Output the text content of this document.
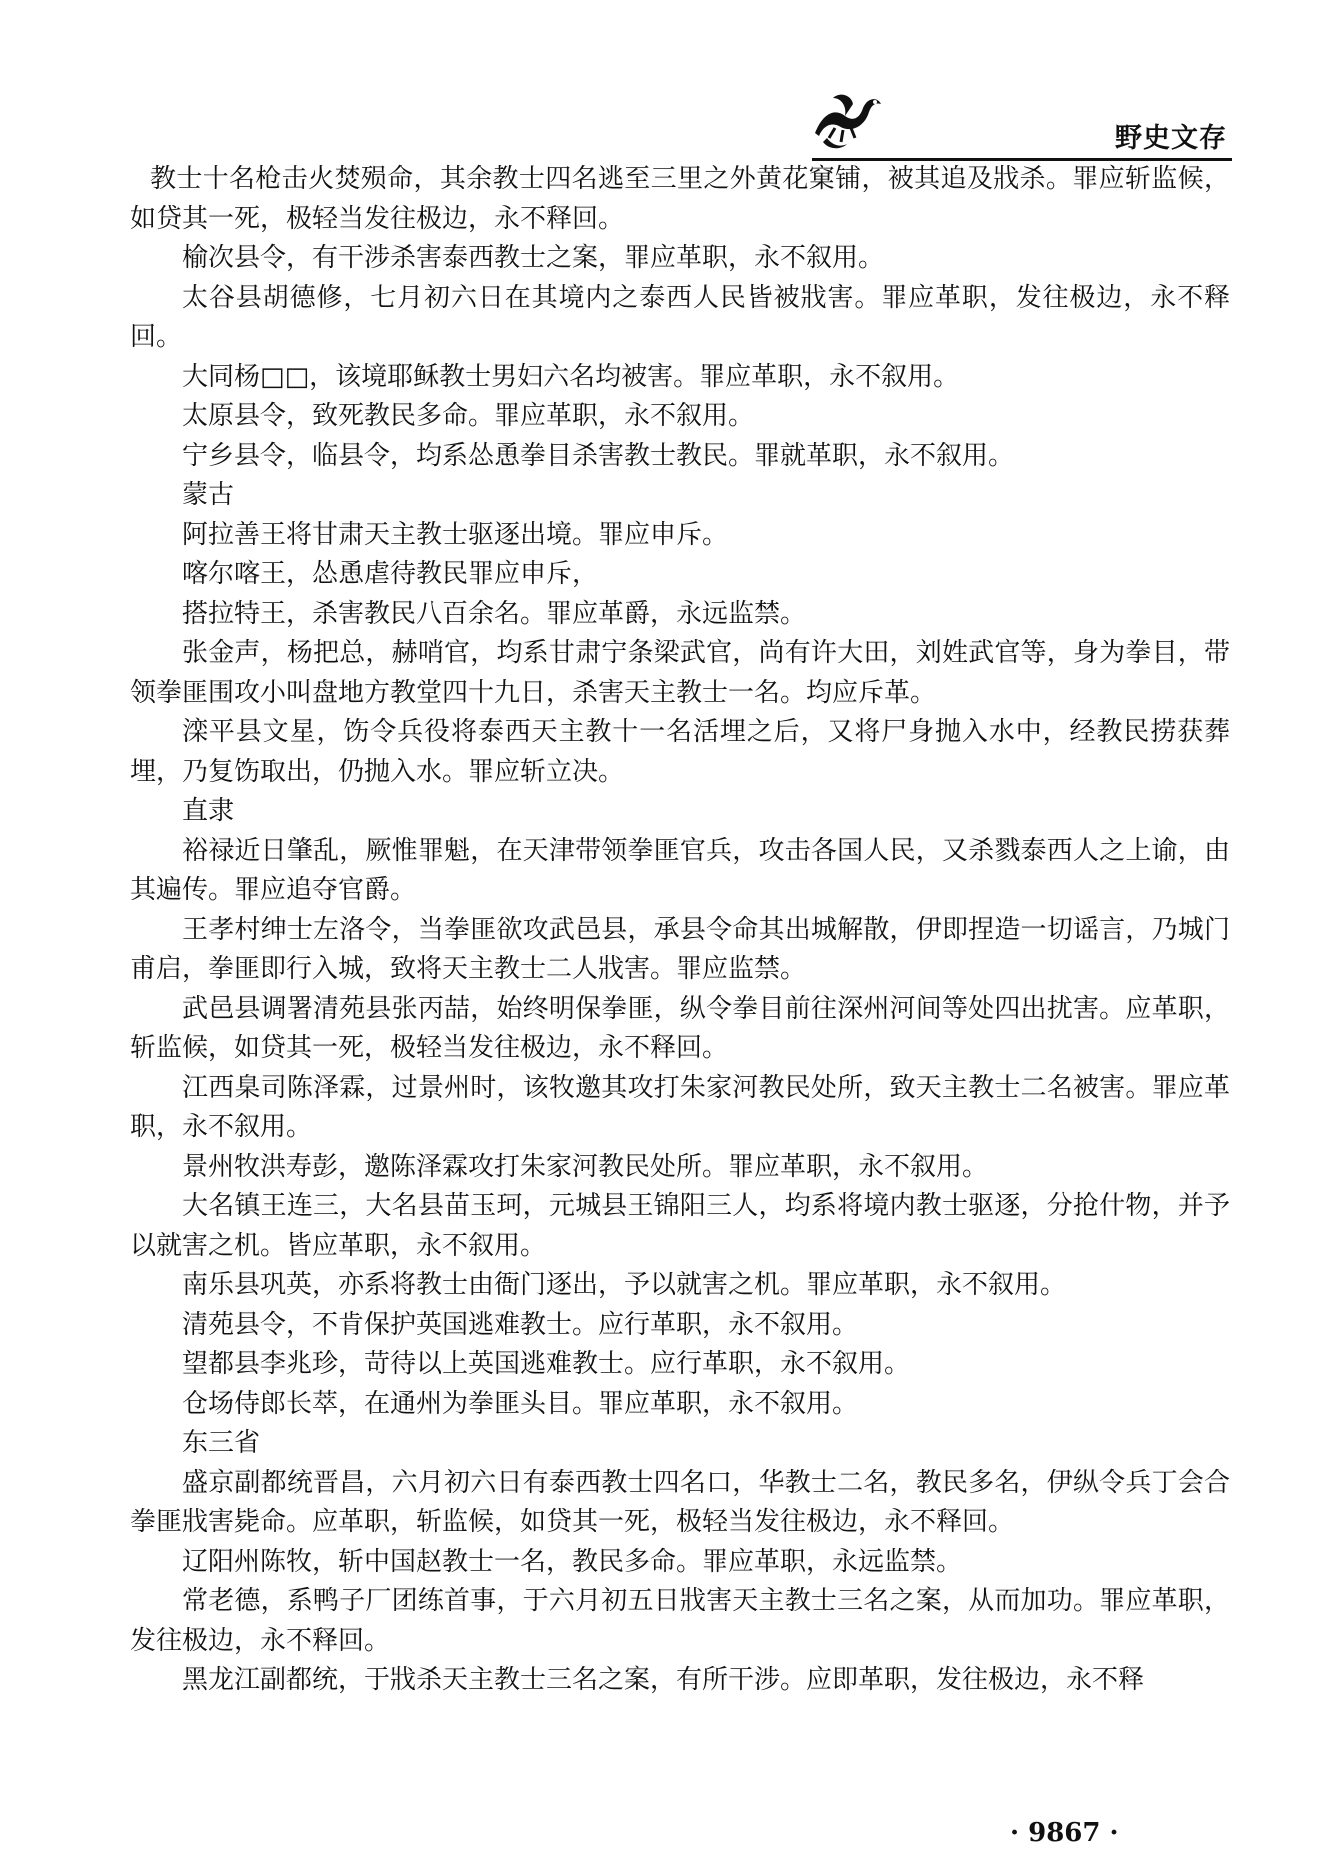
野史文存

教士十名枪击火焚殒命，其余教士四名逃至三里之外黄花窠铺，被其追及戕杀。罪应斩监候，如贷其一死，极轻当发往极边，永不释回。

榆次县令，有干涉杀害泰西教士之案，罪应革职，永不叙用。

太谷县胡德修，七月初六日在其境内之泰西人民皆被戕害。罪应革职，发往极边，永不释回。

大同杨□□，该境耶稣教士男妇六名均被害。罪应革职，永不叙用。

太原县令，致死教民多命。罪应革职，永不叙用。

宁乡县令，临县令，均系怂恿拳目杀害教士教民。罪就革职，永不叙用。

蒙古

阿拉善王将甘肃天主教士驱逐出境。罪应申斥。

喀尔喀王，怂恿虐待教民罪应申斥，

搭拉特王，杀害教民八百余名。罪应革爵，永远监禁。

张金声，杨把总，赫哨官，均系甘肃宁条梁武官，尚有许大田，刘姓武官等，身为拳目，带领拳匪围攻小叫盘地方教堂四十九日，杀害天主教士一名。均应斥革。

滦平县文星，饬令兵役将泰西天主教十一名活埋之后，又将尸身抛入水中，经教民捞获葬埋，乃复饬取出，仍抛入水。罪应斩立决。

直隶

裕禄近日肇乱，厥惟罪魁，在天津带领拳匪官兵，攻击各国人民，又杀戮泰西人之上谕，由其遍传。罪应追夺官爵。

王孝村绅士左洛令，当拳匪欲攻武邑县，承县令命其出城解散，伊即捏造一切谣言，乃城门甫启，拳匪即行入城，致将天主教士二人戕害。罪应监禁。

武邑县调署清苑县张丙喆，始终明保拳匪，纵令拳目前往深州河间等处四出扰害。应革职，斩监候，如贷其一死，极轻当发往极边，永不释回。

江西臬司陈泽霖，过景州时，该牧邀其攻打朱家河教民处所，致天主教士二名被害。罪应革职，永不叙用。

景州牧洪寿彭，邀陈泽霖攻打朱家河教民处所。罪应革职，永不叙用。

大名镇王连三，大名县苗玉珂，元城县王锦阳三人，均系将境内教士驱逐，分抢什物，并予以就害之机。皆应革职，永不叙用。

南乐县巩英，亦系将教士由衙门逐出，予以就害之机。罪应革职，永不叙用。

清苑县令，不肯保护英国逃难教士。应行革职，永不叙用。

望都县李兆珍，苛待以上英国逃难教士。应行革职，永不叙用。

仓场侍郎长萃，在通州为拳匪头目。罪应革职，永不叙用。

东三省

盛京副都统晋昌，六月初六日有泰西教士四名口，华教士二名，教民多名，伊纵令兵丁会合拳匪戕害毙命。应革职，斩监候，如贷其一死，极轻当发往极边，永不释回。

辽阳州陈牧，斩中国赵教士一名，教民多命。罪应革职，永远监禁。

常老德，系鸭子厂团练首事，于六月初五日戕害天主教士三名之案，从而加功。罪应革职，发往极边，永不释回。

黑龙江副都统，于戕杀天主教士三名之案，有所干涉。应即革职，发往极边，永不释

· 9867 ·
